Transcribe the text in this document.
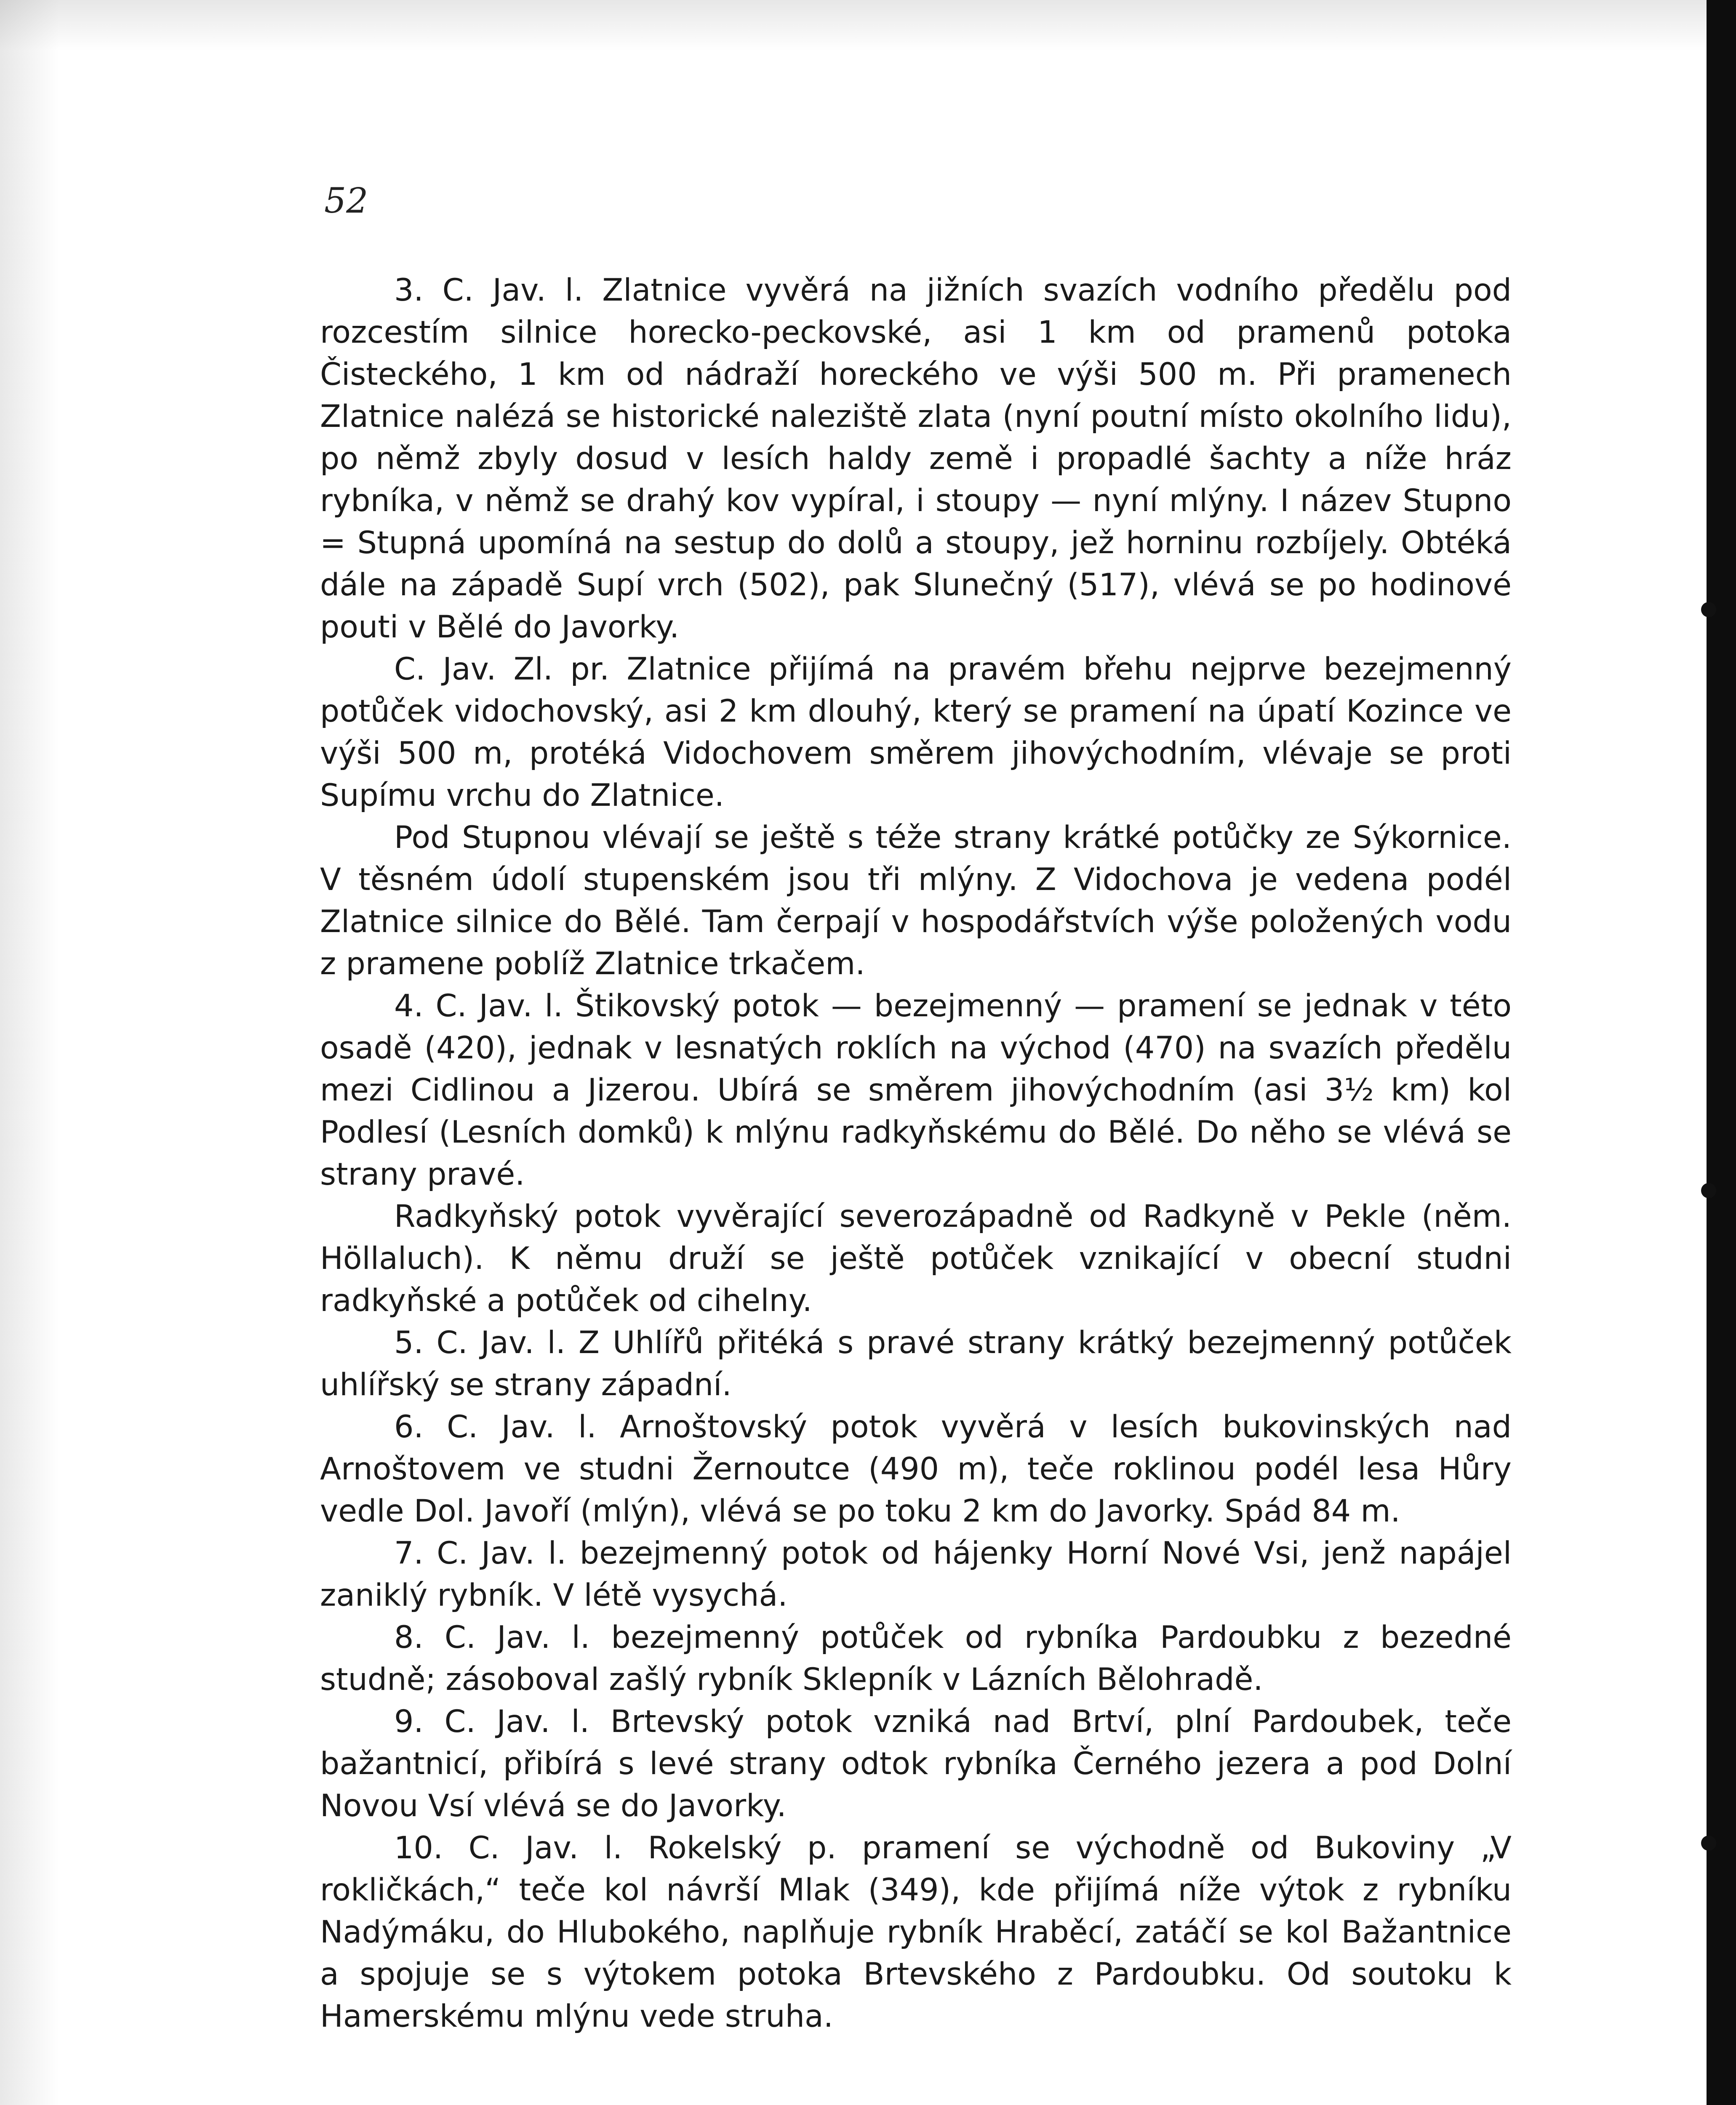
52

3. C. Jav. l. Zlatnice vyvěrá na jižních svazích vodního předělu pod rozcestím silnice horecko-peckovské, asi 1 km od pramenů potoka Čisteckého, 1 km od nádraží horeckého ve výši 500 m. Při pramenech Zlatnice nalézá se historické naleziště zlata (nyní poutní místo okolního lidu), po němž zbyly dosud v lesích haldy země i propadlé šachty a níže hráz rybníka, v němž se drahý kov vypíral, i stoupy — nyní mlýny. I název Stupno = Stupná upomíná na sestup do dolů a stoupy, jež horninu rozbíjely. Obtéká dále na západě Supí vrch (502), pak Slunečný (517), vlévá se po hodinové pouti v Bělé do Javorky.

C. Jav. Zl. pr. Zlatnice přijímá na pravém břehu nejprve bezejmenný potůček vidochovský, asi 2 km dlouhý, který se pramení na úpatí Kozince ve výši 500 m, protéká Vidochovem směrem jihovýchodním, vlévaje se proti Supímu vrchu do Zlatnice.

Pod Stupnou vlévají se ještě s téže strany krátké potůčky ze Sýkornice. V těsném údolí stupenském jsou tři mlýny. Z Vidochova je vedena podél Zlatnice silnice do Bělé. Tam čerpají v hospodářstvích výše položených vodu z pramene poblíž Zlatnice trkačem.

4. C. Jav. l. Štikovský potok — bezejmenný — pramení se jednak v této osadě (420), jednak v lesnatých roklích na východ (470) na svazích předělu mezi Cidlinou a Jizerou. Ubírá se směrem jihovýchodním (asi 3½ km) kol Podlesí (Lesních domků) k mlýnu radkyňskému do Bělé. Do něho se vlévá se strany pravé.

Radkyňský potok vyvěrající severozápadně od Radkyně v Pekle (něm. Höllaluch). K němu druží se ještě potůček vznikající v obecní studni radkyňské a potůček od cihelny.

5. C. Jav. l. Z Uhlířů přitéká s pravé strany krátký bezejmenný potůček uhlířský se strany západní.

6. C. Jav. l. Arnoštovský potok vyvěrá v lesích bukovinských nad Arnoštovem ve studni Žernoutce (490 m), teče roklinou podél lesa Hůry vedle Dol. Javoří (mlýn), vlévá se po toku 2 km do Javorky. Spád 84 m.

7. C. Jav. l. bezejmenný potok od hájenky Horní Nové Vsi, jenž napájel zaniklý rybník. V létě vysychá.

8. C. Jav. l. bezejmenný potůček od rybníka Pardoubku z bezedné studně; zásoboval zašlý rybník Sklepník v Lázních Bělohradě.

9. C. Jav. l. Brtevský potok vzniká nad Brtví, plní Pardoubek, teče bažantnicí, přibírá s levé strany odtok rybníka Černého jezera a pod Dolní Novou Vsí vlévá se do Javorky.

10. C. Jav. l. Rokelský p. pramení se východně od Bukoviny „V rokličkách,“ teče kol návrší Mlak (349), kde přijímá níže výtok z rybníku Nadýmáku, do Hlubokého, naplňuje rybník Hraběcí, zatáčí se kol Bažantnice a spojuje se s výtokem potoka Brtevského z Pardoubku. Od soutoku k Hamerskému mlýnu vede struha.
